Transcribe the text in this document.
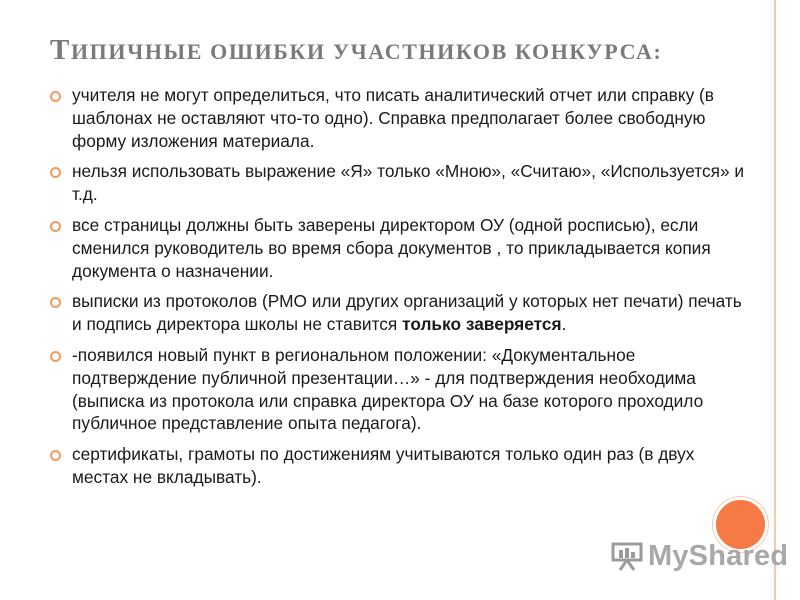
ТИПИЧНЫЕ ОШИБКИ УЧАСТНИКОВ КОНКУРСА:
учителя не могут определиться, что писать аналитический отчет или справку (в шаблонах не оставляют что-то одно). Справка предполагает более свободную форму изложения материала.
нельзя использовать выражение «Я» только «Мною», «Считаю», «Используется» и т.д.
все страницы должны быть заверены директором ОУ (одной росписью), если сменился руководитель во время сбора документов , то прикладывается копия документа о назначении.
выписки из протоколов (РМО или других организаций у которых нет печати) печать и подпись директора школы не ставится только заверяется.
-появился новый пункт в региональном положении: «Документальное подтверждение публичной презентации…» - для подтверждения необходима (выписка из протокола или справка директора ОУ на базе которого проходило публичное представление опыта педагога).
сертификаты, грамоты по достижениям учитываются только один раз (в двух местах не вкладывать).
MyShared
